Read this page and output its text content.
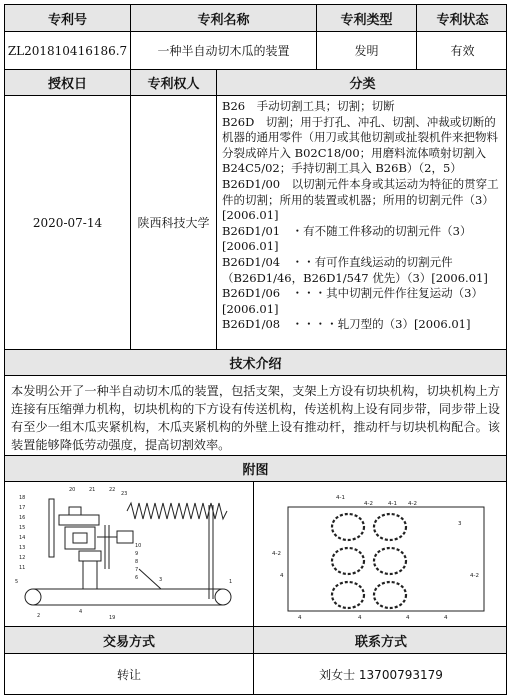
专利号	专利名称	专利类型	专利状态
ZL201810416186.7	一种半自动切木瓜的装置	发明	有效
授权日	专利权人	分类
2020-07-14	陕西科技大学
B26　手动切割工具；切割；切断
B26D　切割；用于打孔、冲孔、切割、冲裁或切断的机器的通用零件（用刀或其他切割或扯裂机件来把物料分裂成碎片入 B02C18/00；用磨料流体喷射切割入 B24C5/02；手持切割工具入 B26B）（2，5）
B26D1/00　以切割元件本身或其运动为特征的贯穿工件的切割；所用的装置或机器；所用的切割元件（3）[2006.01]
B26D1/01　・有不随工件移动的切割元件（3）[2006.01]
B26D1/04　・・有可作直线运动的切割元件（B26D1/46，B26D1/547 优先）（3）[2006.01]
B26D1/06　・・・其中切割元件作往复运动（3）[2006.01]
B26D1/08　・・・・轧刀型的（3）[2006.01]
技术介绍
本发明公开了一种半自动切木瓜的装置，包括支架，支架上方设有切块机构，切块机构上方连接有压缩弹力机构，切块机构的下方设有传送机构，传送机构上设有同步带，同步带上设有至少一组木瓜夹紧机构，木瓜夹紧机构的外壁上设有推动杆，推动杆与切块机构配合。该装置能够降低劳动强度，提高切割效率。
附图
18
17
16
15
14
13
12
11
10
9
8
7
6
5
4
3
2
1
19
20	21	22
23
4-1
4-2	4-1 4-2
3
4-2
4	4-2
4	4	4	4
交易方式	联系方式
转让	刘女士 13700793179
